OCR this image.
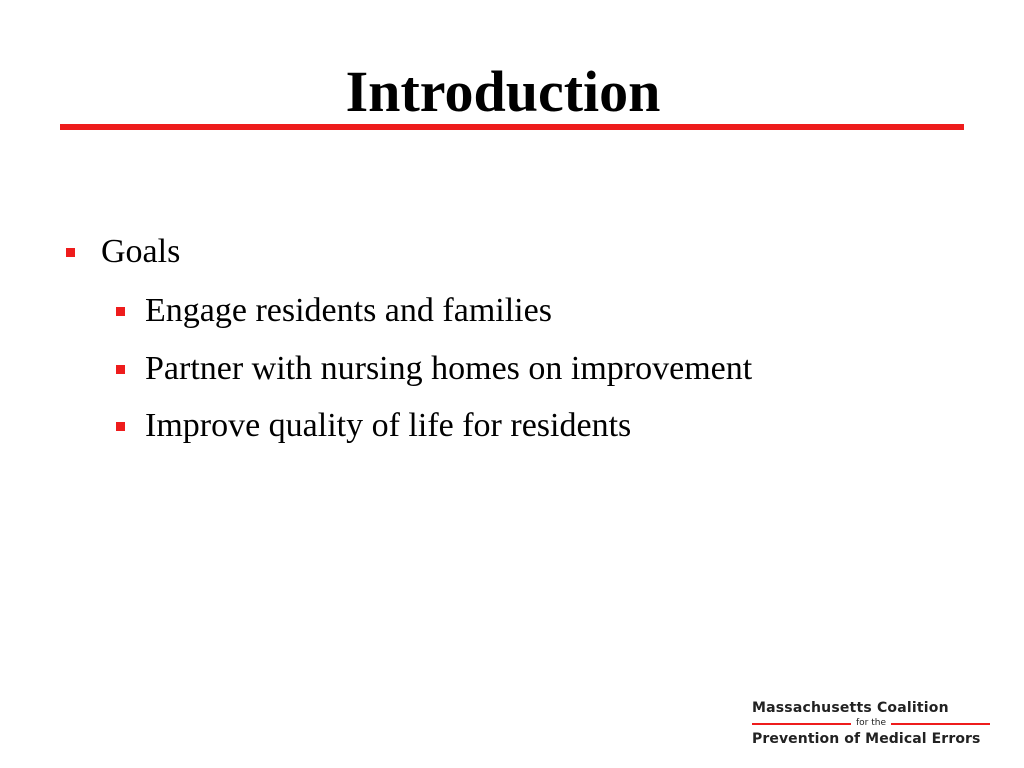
Introduction
Goals
Engage residents and families
Partner with nursing homes on improvement
Improve quality of life for residents
Massachusetts Coalition
for the
Prevention of Medical Errors
